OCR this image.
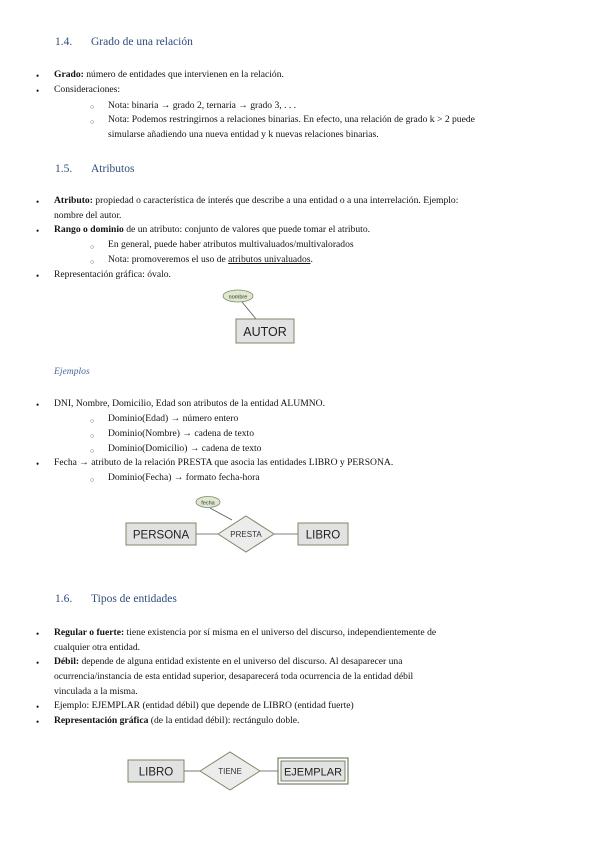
1.4. Grado de una relación
• Grado: número de entidades que intervienen en la relación.
• Consideraciones:
○ Nota: binaria → grado 2, ternaria → grado 3, . . .
○ Nota: Podemos restringirnos a relaciones binarias. En efecto, una relación de grado k > 2 puede
simularse añadiendo una nueva entidad y k nuevas relaciones binarias.
1.5. Atributos
• Atributo: propiedad o característica de interés que describe a una entidad o a una interrelación. Ejemplo:
nombre del autor.
• Rango o dominio de un atributo: conjunto de valores que puede tomar el atributo.
○ En general, puede haber atributos multivaluados/multivalorados
○ Nota: promoveremos el uso de atributos univaluados.
• Representación gráfica: óvalo.
nombre
AUTOR
Ejemplos
• DNI, Nombre, Domicilio, Edad son atributos de la entidad ALUMNO.
○ Dominio(Edad) → número entero
○ Dominio(Nombre) → cadena de texto
○ Dominio(Domicilio) → cadena de texto
• Fecha → atributo de la relación PRESTA que asocia las entidades LIBRO y PERSONA.
○ Dominio(Fecha) → formato fecha-hora
fecha
PERSONA	PRESTA	LIBRO
1.6. Tipos de entidades
• Regular o fuerte: tiene existencia por sí misma en el universo del discurso, independientemente de
cualquier otra entidad.
• Débil: depende de alguna entidad existente en el universo del discurso. Al desaparecer una
ocurrencia/instancia de esta entidad superior, desaparecerá toda ocurrencia de la entidad débil
vinculada a la misma.
• Ejemplo: EJEMPLAR (entidad débil) que depende de LIBRO (entidad fuerte)
• Representación gráfica (de la entidad débil): rectángulo doble.
LIBRO	TIENE	EJEMPLAR
